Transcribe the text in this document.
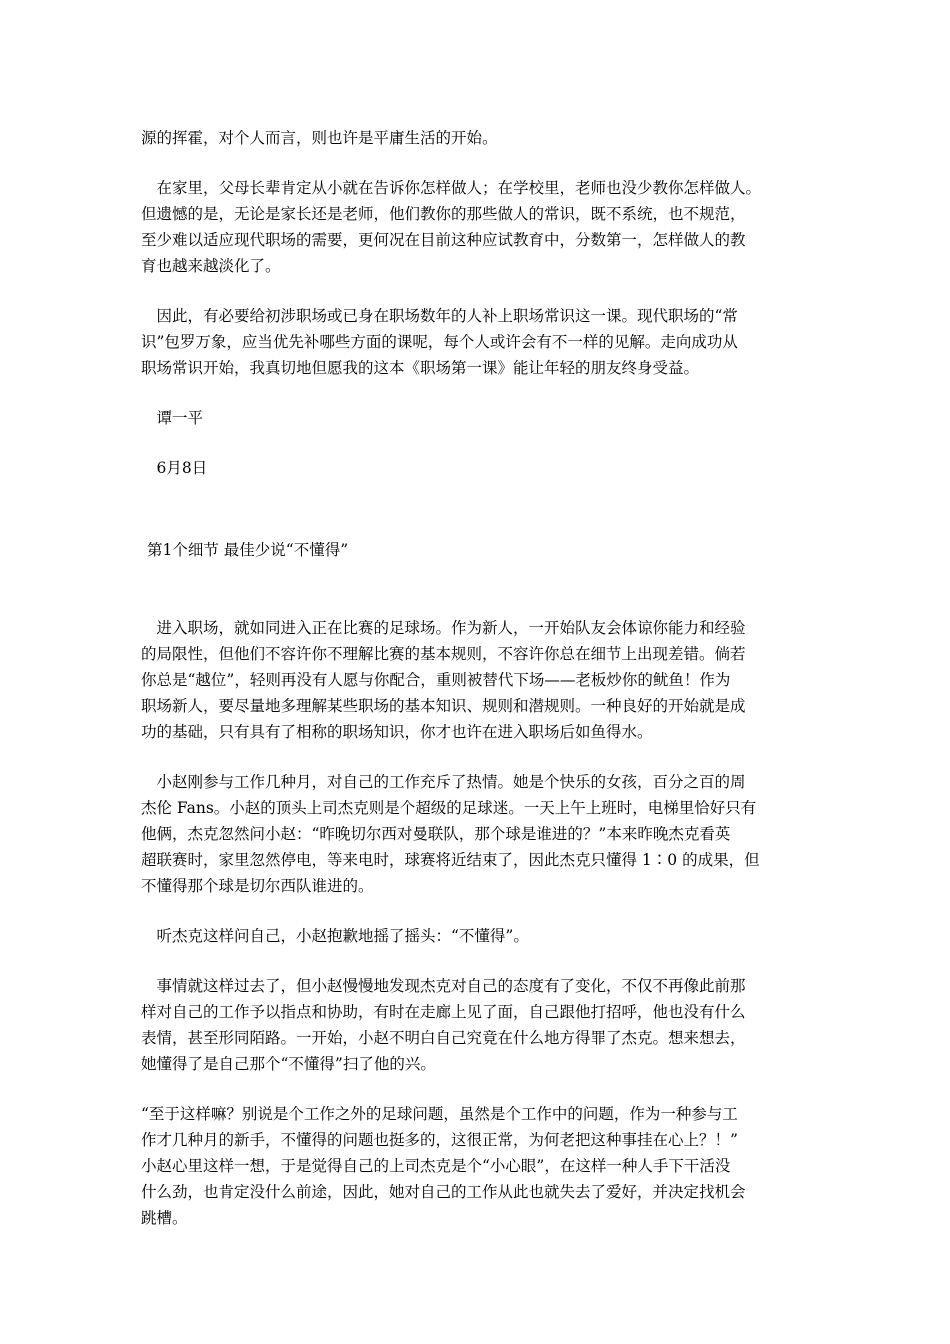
源的挥霍，对个人而言，则也许是平庸生活的开始。

　在家里，父母长辈肯定从小就在告诉你怎样做人；在学校里，老师也没少教你怎样做人。
但遗憾的是，无论是家长还是老师，他们教你的那些做人的常识，既不系统，也不规范，
至少难以适应现代职场的需要，更何况在目前这种应试教育中，分数第一，怎样做人的教
育也越来越淡化了。

　因此，有必要给初涉职场或已身在职场数年的人补上职场常识这一课。现代职场的“常
识”包罗万象，应当优先补哪些方面的课呢，每个人或许会有不一样的见解。走向成功从
职场常识开始，我真切地但愿我的这本《职场第一课》能让年轻的朋友终身受益。

　谭一平

　6月8日

第1个细节 最佳少说“不懂得”

　进入职场，就如同进入正在比赛的足球场。作为新人，一开始队友会体谅你能力和经验
的局限性，但他们不容许你不理解比赛的基本规则，不容许你总在细节上出现差错。倘若
你总是“越位”，轻则再没有人愿与你配合，重则被替代下场——老板炒你的鱿鱼！作为
职场新人，要尽量地多理解某些职场的基本知识、规则和潜规则。一种良好的开始就是成
功的基础，只有具有了相称的职场知识，你才也许在进入职场后如鱼得水。

　小赵刚参与工作几种月，对自己的工作充斥了热情。她是个快乐的女孩，百分之百的周
杰伦 Fans。小赵的顶头上司杰克则是个超级的足球迷。一天上午上班时，电梯里恰好只有
他俩，杰克忽然问小赵：“昨晚切尔西对曼联队，那个球是谁进的？”本来昨晚杰克看英
超联赛时，家里忽然停电，等来电时，球赛将近结束了，因此杰克只懂得 1∶0 的成果，但
不懂得那个球是切尔西队谁进的。

　听杰克这样问自己，小赵抱歉地摇了摇头：“不懂得”。

　事情就这样过去了，但小赵慢慢地发现杰克对自己的态度有了变化，不仅不再像此前那
样对自己的工作予以指点和协助，有时在走廊上见了面，自己跟他打招呼，他也没有什么
表情，甚至形同陌路。一开始，小赵不明白自己究竟在什么地方得罪了杰克。想来想去，
她懂得了是自己那个“不懂得”扫了他的兴。

“至于这样嘛？别说是个工作之外的足球问题，虽然是个工作中的问题，作为一种参与工
作才几种月的新手，不懂得的问题也挺多的，这很正常，为何老把这种事挂在心上？！”
小赵心里这样一想，于是觉得自己的上司杰克是个“小心眼”，在这样一种人手下干活没
什么劲，也肯定没什么前途，因此，她对自己的工作从此也就失去了爱好，并决定找机会
跳槽。
